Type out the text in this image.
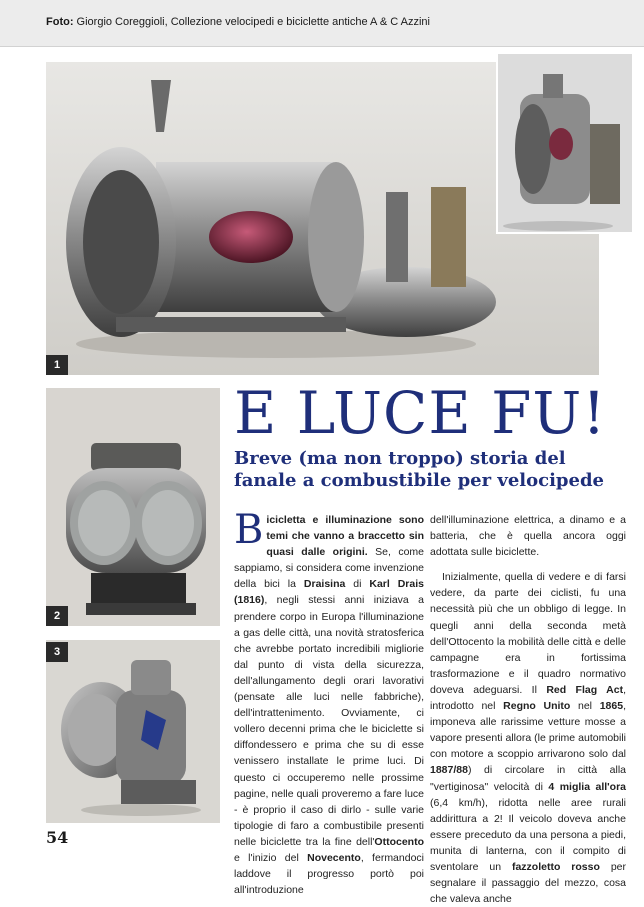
Foto: Giorgio Coreggioli, Collezione velocipedi e biciclette antiche A & C Azzini
1
2
3
E LUCE FU!
Breve (ma non troppo) storia del fanale a combustibile per velocipede

Bicicletta e illuminazione sono temi che vanno a braccetto sin quasi dalle origini. Se, come sappiamo, si considera come invenzione della bici la Draisina di Karl Drais (1816), negli stessi anni iniziava a prendere corpo in Europa l'illuminazione a gas delle città, una novità stratosferica che avrebbe portato incredibili migliorie dal punto di vista della sicurezza, dell'allungamento degli orari lavorativi (pensate alle luci nelle fabbriche), dell'intrattenimento. Ovviamente, ci vollero decenni prima che le biciclette si diffondessero e prima che su di esse venissero installate le prime luci. Di questo ci occuperemo nelle prossime pagine, nelle quali proveremo a fare luce - è proprio il caso di dirlo - sulle varie tipologie di faro a combustibile presenti nelle biciclette tra la fine dell'Ottocento e l'inizio del Novecento, fermandoci laddove il progresso portò poi all'introduzione

dell'illuminazione elettrica, a dinamo e a batteria, che è quella ancora oggi adottata sulle biciclette.

Inizialmente, quella di vedere e di farsi vedere, da parte dei ciclisti, fu una necessità più che un obbligo di legge. In quegli anni della seconda metà dell'Ottocento la mobilità delle città e delle campagne era in fortissima trasformazione e il quadro normativo doveva adeguarsi. Il Red Flag Act, introdotto nel Regno Unito nel 1865, imponeva alle rarissime vetture mosse a vapore presenti allora (le prime automobili con motore a scoppio arrivarono solo dal 1887/88) di circolare in città alla "vertiginosa" velocità di 4 miglia all'ora (6,4 km/h), ridotta nelle aree rurali addirittura a 2! Il veicolo doveva anche essere preceduto da una persona a piedi, munita di lanterna, con il compito di sventolare un fazzoletto rosso per segnalare il passaggio del mezzo, cosa che valeva anche

54
